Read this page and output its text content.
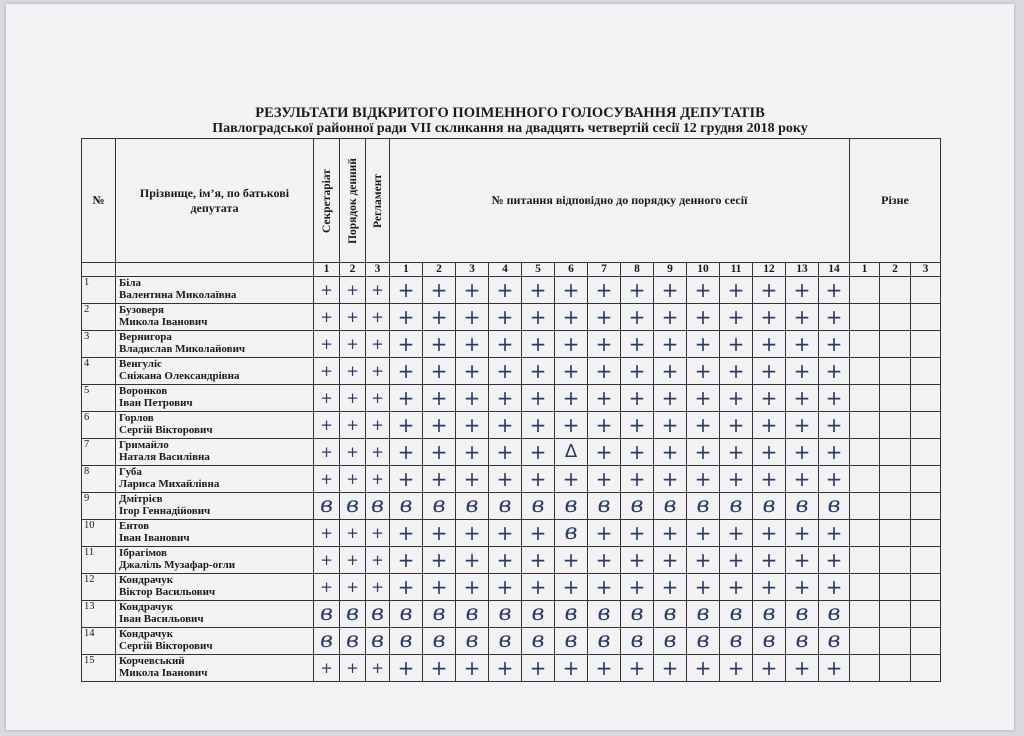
РЕЗУЛЬТАТИ ВІДКРИТОГО ПОІМЕННОГО ГОЛОСУВАННЯ ДЕПУТАТІВ
Павлоградської районної ради VII скликання на двадцять четвертій сесії 12 грудня 2018 року
№	Прізвище, ім’я, по батькові депутата	Секретаріат	Порядок денний	Регламент	№ питання відповідно до порядку денного сесії														Різне		
		1	2	3	1	2	3	4	5	6	7	8	9	10	11	12	13	14	1	2	3
1	Біла
Валентина Миколаївна	+	+	+	+	+	+	+	+	+	+	+	+	+	+	+	+	+			
2	Бузоверя
Микола Іванович	+	+	+	+	+	+	+	+	+	+	+	+	+	+	+	+	+			
3	Вернигора
Владислав Миколайович	+	+	+	+	+	+	+	+	+	+	+	+	+	+	+	+	+			
4	Венгуліс
Сніжана Олександрівна	+	+	+	+	+	+	+	+	+	+	+	+	+	+	+	+	+			
5	Воронков
Іван Петрович	+	+	+	+	+	+	+	+	+	+	+	+	+	+	+	+	+			
6	Горлов
Сергій Вікторович	+	+	+	+	+	+	+	+	+	+	+	+	+	+	+	+	+			
7	Гримайло
Наталя Василівна	+	+	+	+	+	+	+	+	Δ	+	+	+	+	+	+	+	+			
8	Губа
Лариса Михайлівна	+	+	+	+	+	+	+	+	+	+	+	+	+	+	+	+	+			
9	Дмітрієв
Ігор Геннадійович	в	в	в	в	в	в	в	в	в	в	в	в	в	в	в	в	в			
10	Ентов
Іван Іванович	+	+	+	+	+	+	+	+	в	+	+	+	+	+	+	+	+			
11	Ібрагімов
Джаліль Музафар-огли	+	+	+	+	+	+	+	+	+	+	+	+	+	+	+	+	+			
12	Кондрачук
Віктор Васильович	+	+	+	+	+	+	+	+	+	+	+	+	+	+	+	+	+			
13	Кондрачук
Іван Васильович	в	в	в	в	в	в	в	в	в	в	в	в	в	в	в	в	в			
14	Кондрачук
Сергій Вікторович	в	в	в	в	в	в	в	в	в	в	в	в	в	в	в	в	в			
15	Корчевський
Микола Іванович	+	+	+	+	+	+	+	+	+	+	+	+	+	+	+	+	+			
